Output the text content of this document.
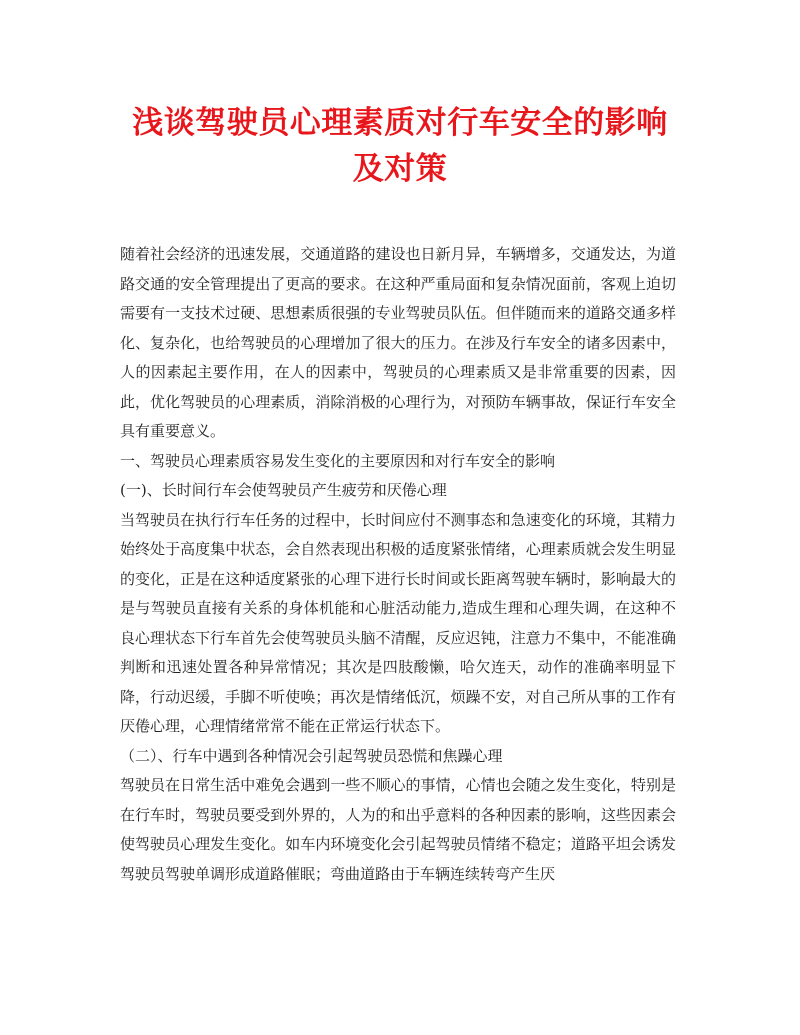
浅谈驾驶员心理素质对行车安全的影响及对策

随着社会经济的迅速发展，交通道路的建设也日新月异，车辆增多，交通发达，为道路交通的安全管理提出了更高的要求。在这种严重局面和复杂情况面前，客观上迫切需要有一支技术过硬、思想素质很强的专业驾驶员队伍。但伴随而来的道路交通多样化、复杂化，也给驾驶员的心理增加了很大的压力。在涉及行车安全的诸多因素中，人的因素起主要作用，在人的因素中，驾驶员的心理素质又是非常重要的因素，因此，优化驾驶员的心理素质，消除消极的心理行为，对预防车辆事故，保证行车安全具有重要意义。

一、驾驶员心理素质容易发生变化的主要原因和对行车安全的影响

(一)、长时间行车会使驾驶员产生疲劳和厌倦心理

当驾驶员在执行行车任务的过程中，长时间应付不测事态和急速变化的环境，其精力始终处于高度集中状态，会自然表现出积极的适度紧张情绪，心理素质就会发生明显的变化，正是在这种适度紧张的心理下进行长时间或长距离驾驶车辆时，影响最大的是与驾驶员直接有关系的身体机能和心脏活动能力,造成生理和心理失调，在这种不良心理状态下行车首先会使驾驶员头脑不清醒，反应迟钝，注意力不集中，不能准确判断和迅速处置各种异常情况；其次是四肢酸懒，哈欠连天，动作的准确率明显下降，行动迟缓，手脚不听使唤；再次是情绪低沉，烦躁不安，对自己所从事的工作有厌倦心理，心理情绪常常不能在正常运行状态下。

（二）、行车中遇到各种情况会引起驾驶员恐慌和焦躁心理

驾驶员在日常生活中难免会遇到一些不顺心的事情，心情也会随之发生变化，特别是在行车时，驾驶员要受到外界的，人为的和出乎意料的各种因素的影响，这些因素会使驾驶员心理发生变化。如车内环境变化会引起驾驶员情绪不稳定；道路平坦会诱发驾驶员驾驶单调形成道路催眠；弯曲道路由于车辆连续转弯产生厌
